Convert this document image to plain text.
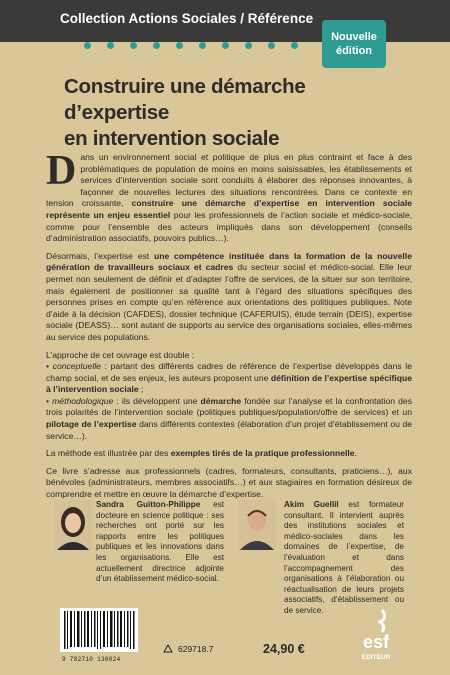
Collection Actions Sociales / Référence
Nouvelle
édition
Construire une démarche d’expertise
en intervention sociale

Dans un environnement social et politique de plus en plus contraint et face à des problématiques de population de moins en moins saisissables, les établissements et services d’intervention sociale sont conduits à élaborer des réponses innovantes, à façonner de nouvelles lectures des situations rencontrées. Dans ce contexte en tension croissante, construire une démarche d’expertise en intervention sociale représente un enjeu essentiel pour les professionnels de l’action sociale et médico-sociale, comme pour l’ensemble des acteurs impliqués dans son développement (conseils d’administration associatifs, pouvoirs publics…).

Désormais, l’expertise est une compétence instituée dans la formation de la nouvelle génération de travailleurs sociaux et cadres du secteur social et médico-social. Elle leur permet non seulement de définir et d’adapter l’offre de services, de la situer sur son territoire, mais également de positionner sa qualité tant à l’égard des situations spécifiques des personnes prises en compte qu’en référence aux orientations des politiques publiques. Note d’aide à la décision (CAFDES), dossier technique (CAFERUIS), étude terrain (DEIS), expertise sociale (DEASS)… sont autant de supports au service des organisations sociales, elles-mêmes au service des populations.

L’approche de cet ouvrage est double :

• conceptuelle : partant des différents cadres de référence de l’expertise développés dans le champ social, et de ses enjeux, les auteurs proposent une définition de l’expertise spécifique à l’intervention sociale ;

• méthodologique : ils développent une démarche fondée sur l’analyse et la confrontation des trois polarités de l’intervention sociale (politiques publiques/population/offre de services) et un pilotage de l’expertise dans différents contextes (élaboration d’un projet d’établissement ou de service…).

La méthode est illustrée par des exemples tirés de la pratique professionnelle.

Ce livre s’adresse aux professionnels (cadres, formateurs, consultants, praticiens…), aux bénévoles (administrateurs, membres associatifs…) et aux stagiaires en formation désireux de comprendre et mettre en œuvre la démarche d’expertise.

Sandra Guitton-Philippe est docteure en science politique : ses recherches ont porté sur les rapports entre les politiques publiques et les innovations dans les organisations. Elle est actuellement directrice adjointe d’un établissement médico-social.
Akim Guellil est formateur consultant. Il intervient auprès des institutions sociales et médico-sociales dans les domaines de l’expertise, de l’évaluation et dans l’accompagnement des organisations à l’élaboration ou réactualisation de leurs projets associatifs, d’établissement ou de service.
9 782710 130024
629718.7	24,90 €	esf
EDITEUR
